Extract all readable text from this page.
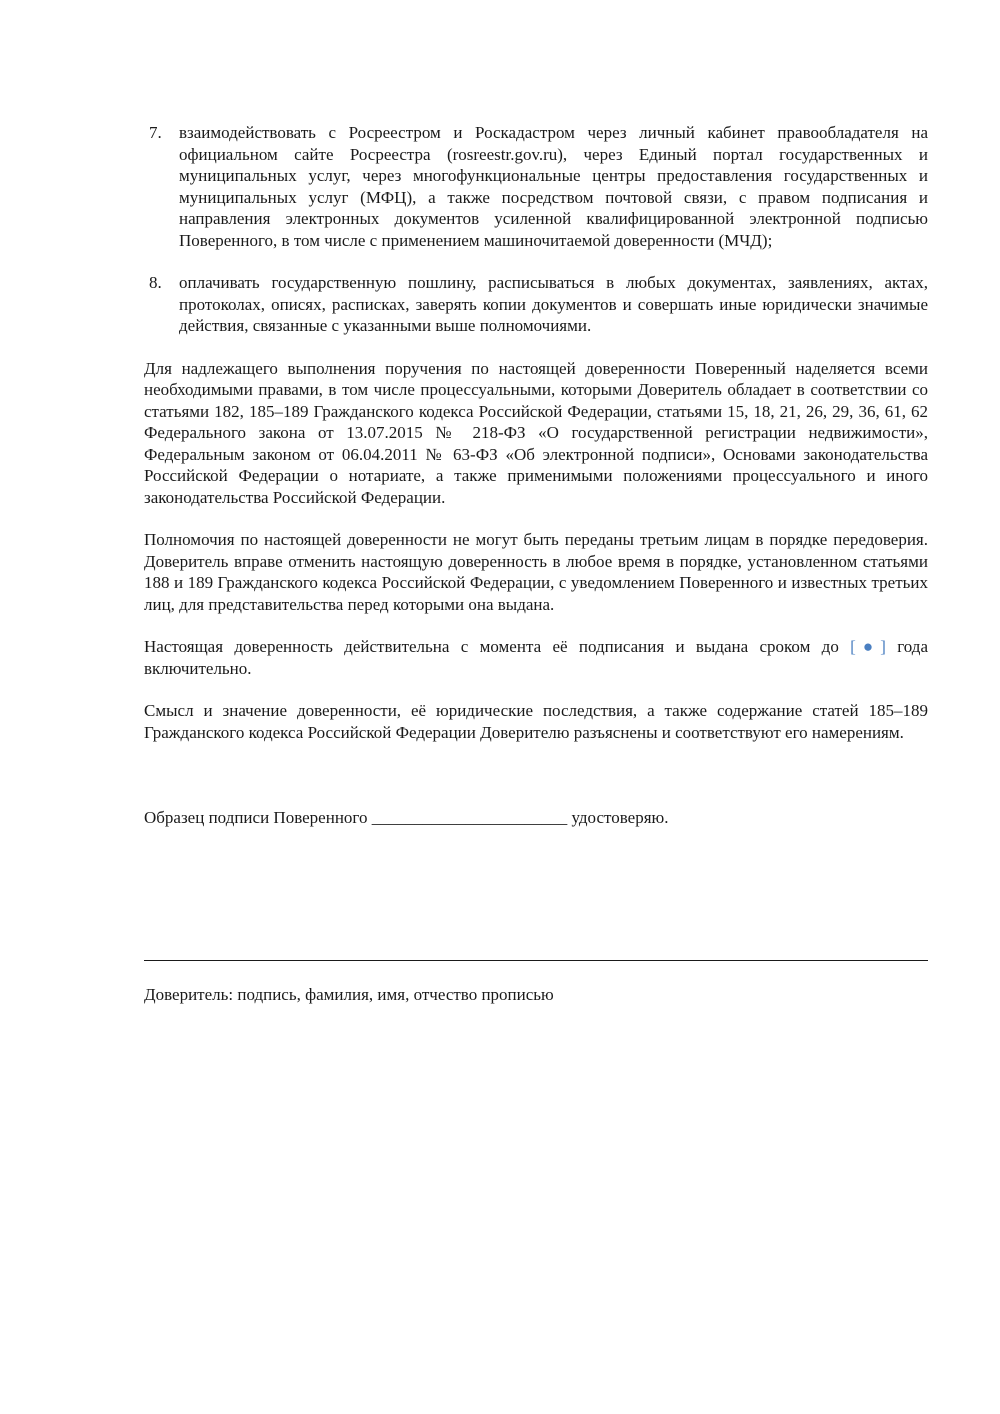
7. взаимодействовать с Росреестром и Роскадастром через личный кабинет правообладателя на официальном сайте Росреестра (rosreestr.gov.ru), через Единый портал государственных и муниципальных услуг, через многофункциональные центры предоставления государственных и муниципальных услуг (МФЦ), а также посредством почтовой связи, с правом подписания и направления электронных документов усиленной квалифицированной электронной подписью Поверенного, в том числе с применением машиночитаемой доверенности (МЧД);
8. оплачивать государственную пошлину, расписываться в любых документах, заявлениях, актах, протоколах, описях, расписках, заверять копии документов и совершать иные юридически значимые действия, связанные с указанными выше полномочиями.

Для надлежащего выполнения поручения по настоящей доверенности Поверенный наделяется всеми необходимыми правами, в том числе процессуальными, которыми Доверитель обладает в соответствии со статьями 182, 185–189 Гражданского кодекса Российской Федерации, статьями 15, 18, 21, 26, 29, 36, 61, 62 Федерального закона от 13.07.2015 № 218-ФЗ «О государственной регистрации недвижимости», Федеральным законом от 06.04.2011 № 63-ФЗ «Об электронной подписи», Основами законодательства Российской Федерации о нотариате, а также применимыми положениями процессуального и иного законодательства Российской Федерации.

Полномочия по настоящей доверенности не могут быть переданы третьим лицам в порядке передоверия. Доверитель вправе отменить настоящую доверенность в любое время в порядке, установленном статьями 188 и 189 Гражданского кодекса Российской Федерации, с уведомлением Поверенного и известных третьих лиц, для представительства перед которыми она выдана.

Настоящая доверенность действительна с момента её подписания и выдана сроком до [●] года включительно.

Смысл и значение доверенности, её юридические последствия, а также содержание статей 185–189 Гражданского кодекса Российской Федерации Доверителю разъяснены и соответствуют его намерениям.

Образец подписи Поверенного _______________________ удостоверяю.
Доверитель: подпись, фамилия, имя, отчество прописью
